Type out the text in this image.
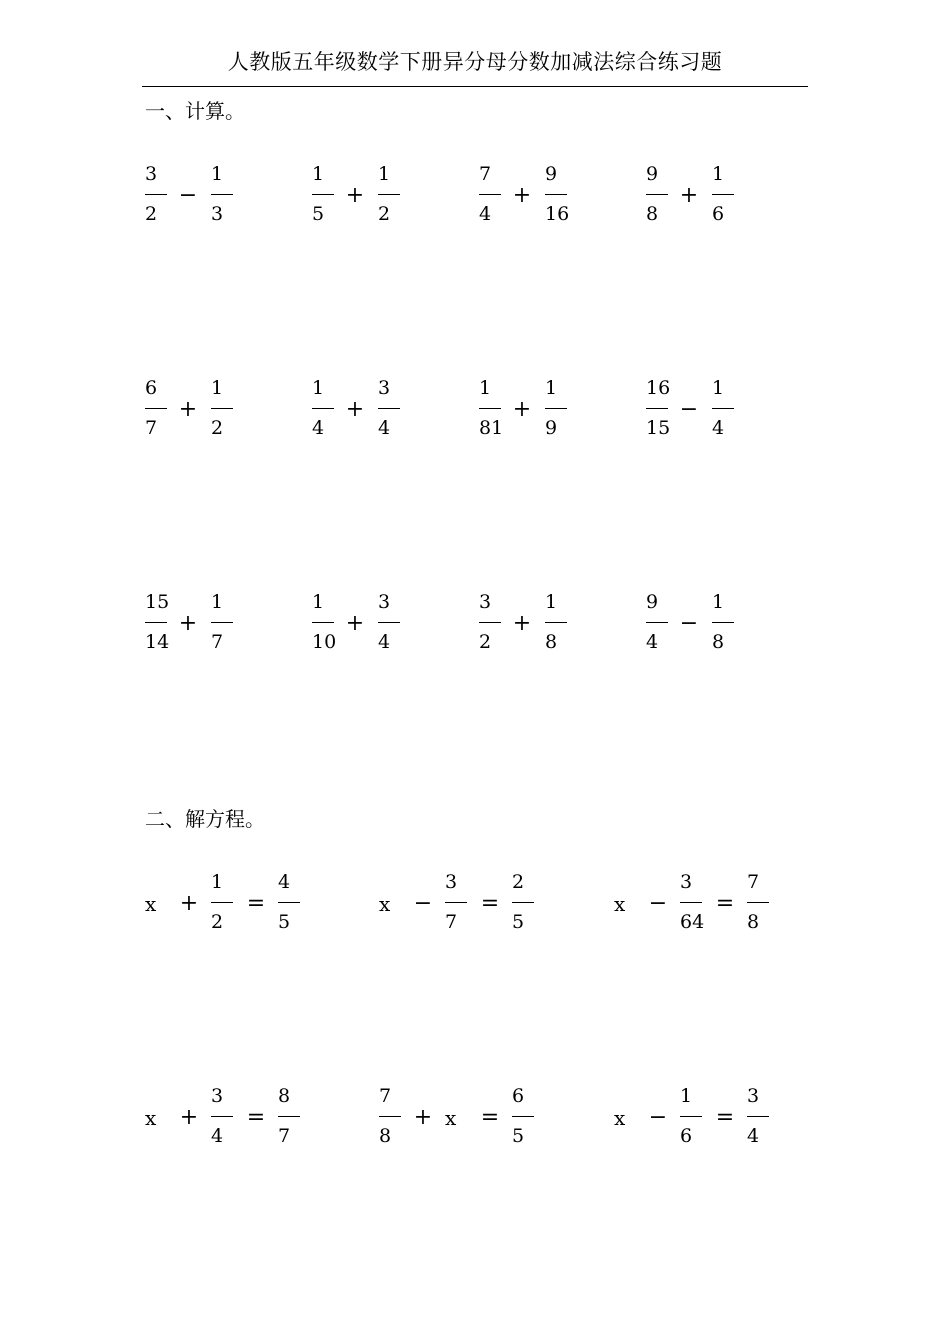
人教版五年级数学下册异分母分数加减法综合练习题
一、计算。
二、解方程。
3
2
−
1
3
1
5
+
1
2
7
4
+
9
16
9
8
+
1
6
6
7
+
1
2
1
4
+
3
4
1
81
+
1
9
16
15
−
1
4
15
14
+
1
7
1
10
+
3
4
3
2
+
1
8
9
4
−
1
8
x +
1
2
=
4
5
x −
3
7
=
2
5
x −
3
64
=
7
8
x +
3
4
=
8
7
7
8
+ x =
6
5
x −
1
6
=
3
4
